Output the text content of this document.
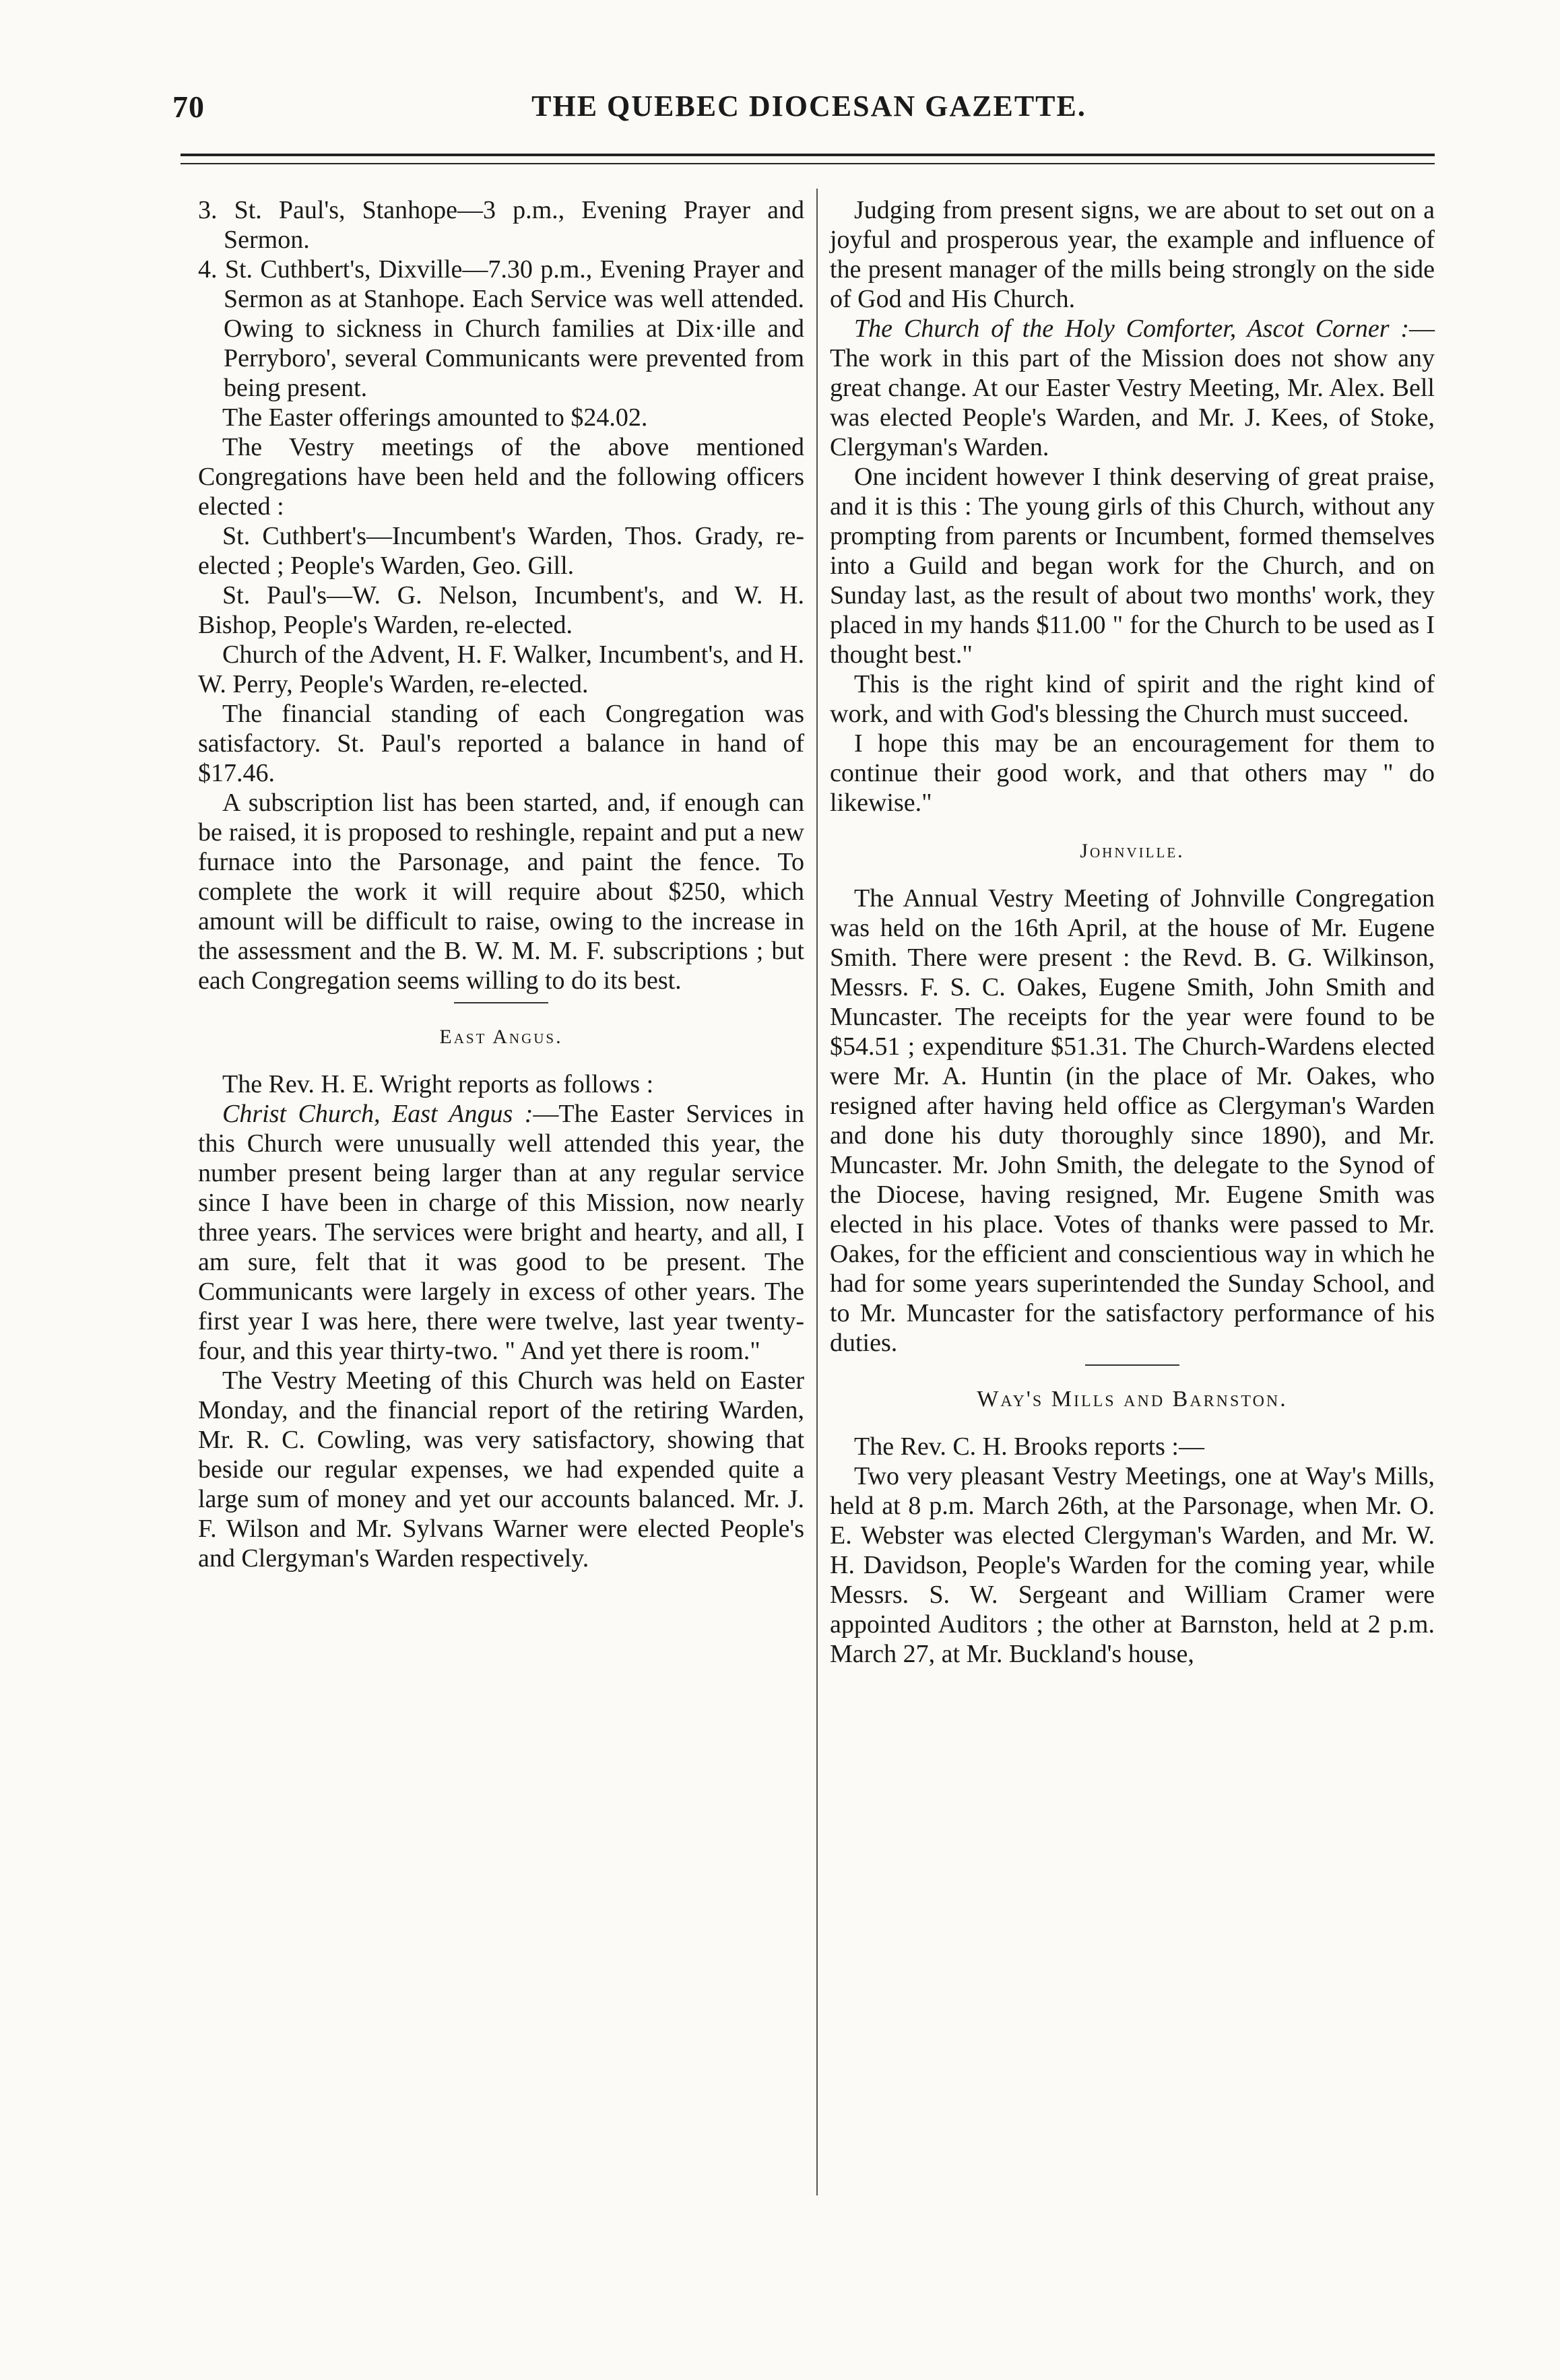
70	THE QUEBEC DIOCESAN GAZETTE.

3. St. Paul's, Stanhope—3 p.m., Evening Prayer and Sermon.

4. St. Cuthbert's, Dixville—7.30 p.m., Evening Prayer and Sermon as at Stanhope. Each Service was well attended. Owing to sickness in Church families at Dix·ille and Perryboro', several Communicants were prevented from being present.

The Easter offerings amounted to $24.02.

The Vestry meetings of the above mentioned Congregations have been held and the following officers elected :

St. Cuthbert's—Incumbent's Warden, Thos. Grady, re-elected ; People's Warden, Geo. Gill.

St. Paul's—W. G. Nelson, Incumbent's, and W. H. Bishop, People's Warden, re-elected.

Church of the Advent, H. F. Walker, Incumbent's, and H. W. Perry, People's Warden, re-elected.

The financial standing of each Congregation was satisfactory. St. Paul's reported a balance in hand of $17.46.

A subscription list has been started, and, if enough can be raised, it is proposed to reshingle, repaint and put a new furnace into the Parsonage, and paint the fence. To complete the work it will require about $250, which amount will be difficult to raise, owing to the increase in the assessment and the B. W. M. M. F. subscriptions ; but each Congregation seems willing to do its best.

East Angus.

The Rev. H. E. Wright reports as follows :

Christ Church, East Angus :—The Easter Services in this Church were unusually well attended this year, the number present being larger than at any regular service since I have been in charge of this Mission, now nearly three years. The services were bright and hearty, and all, I am sure, felt that it was good to be present. The Communicants were largely in excess of other years. The first year I was here, there were twelve, last year twenty-four, and this year thirty-two. " And yet there is room."

The Vestry Meeting of this Church was held on Easter Monday, and the financial report of the retiring Warden, Mr. R. C. Cowling, was very satisfactory, showing that beside our regular expenses, we had expended quite a large sum of money and yet our accounts balanced. Mr. J. F. Wilson and Mr. Sylvans Warner were elected People's and Clergyman's Warden respectively.

Judging from present signs, we are about to set out on a joyful and prosperous year, the example and influence of the present manager of the mills being strongly on the side of God and His Church.

The Church of the Holy Comforter, Ascot Corner :—The work in this part of the Mission does not show any great change. At our Easter Vestry Meeting, Mr. Alex. Bell was elected People's Warden, and Mr. J. Kees, of Stoke, Clergyman's Warden.

One incident however I think deserving of great praise, and it is this : The young girls of this Church, without any prompting from parents or Incumbent, formed themselves into a Guild and began work for the Church, and on Sunday last, as the result of about two months' work, they placed in my hands $11.00 " for the Church to be used as I thought best."

This is the right kind of spirit and the right kind of work, and with God's blessing the Church must succeed.

I hope this may be an encouragement for them to continue their good work, and that others may " do likewise."

Johnville.

The Annual Vestry Meeting of Johnville Congregation was held on the 16th April, at the house of Mr. Eugene Smith. There were present : the Revd. B. G. Wilkinson, Messrs. F. S. C. Oakes, Eugene Smith, John Smith and Muncaster. The receipts for the year were found to be $54.51 ; expenditure $51.31. The Church-Wardens elected were Mr. A. Huntin (in the place of Mr. Oakes, who resigned after having held office as Clergyman's Warden and done his duty thoroughly since 1890), and Mr. Muncaster. Mr. John Smith, the delegate to the Synod of the Diocese, having resigned, Mr. Eugene Smith was elected in his place. Votes of thanks were passed to Mr. Oakes, for the efficient and conscientious way in which he had for some years superintended the Sunday School, and to Mr. Muncaster for the satisfactory performance of his duties.

Way's Mills and Barnston.

The Rev. C. H. Brooks reports :—

Two very pleasant Vestry Meetings, one at Way's Mills, held at 8 p.m. March 26th, at the Parsonage, when Mr. O. E. Webster was elected Clergyman's Warden, and Mr. W. H. Davidson, People's Warden for the coming year, while Messrs. S. W. Sergeant and William Cramer were appointed Auditors ; the other at Barnston, held at 2 p.m. March 27, at Mr. Buckland's house,
